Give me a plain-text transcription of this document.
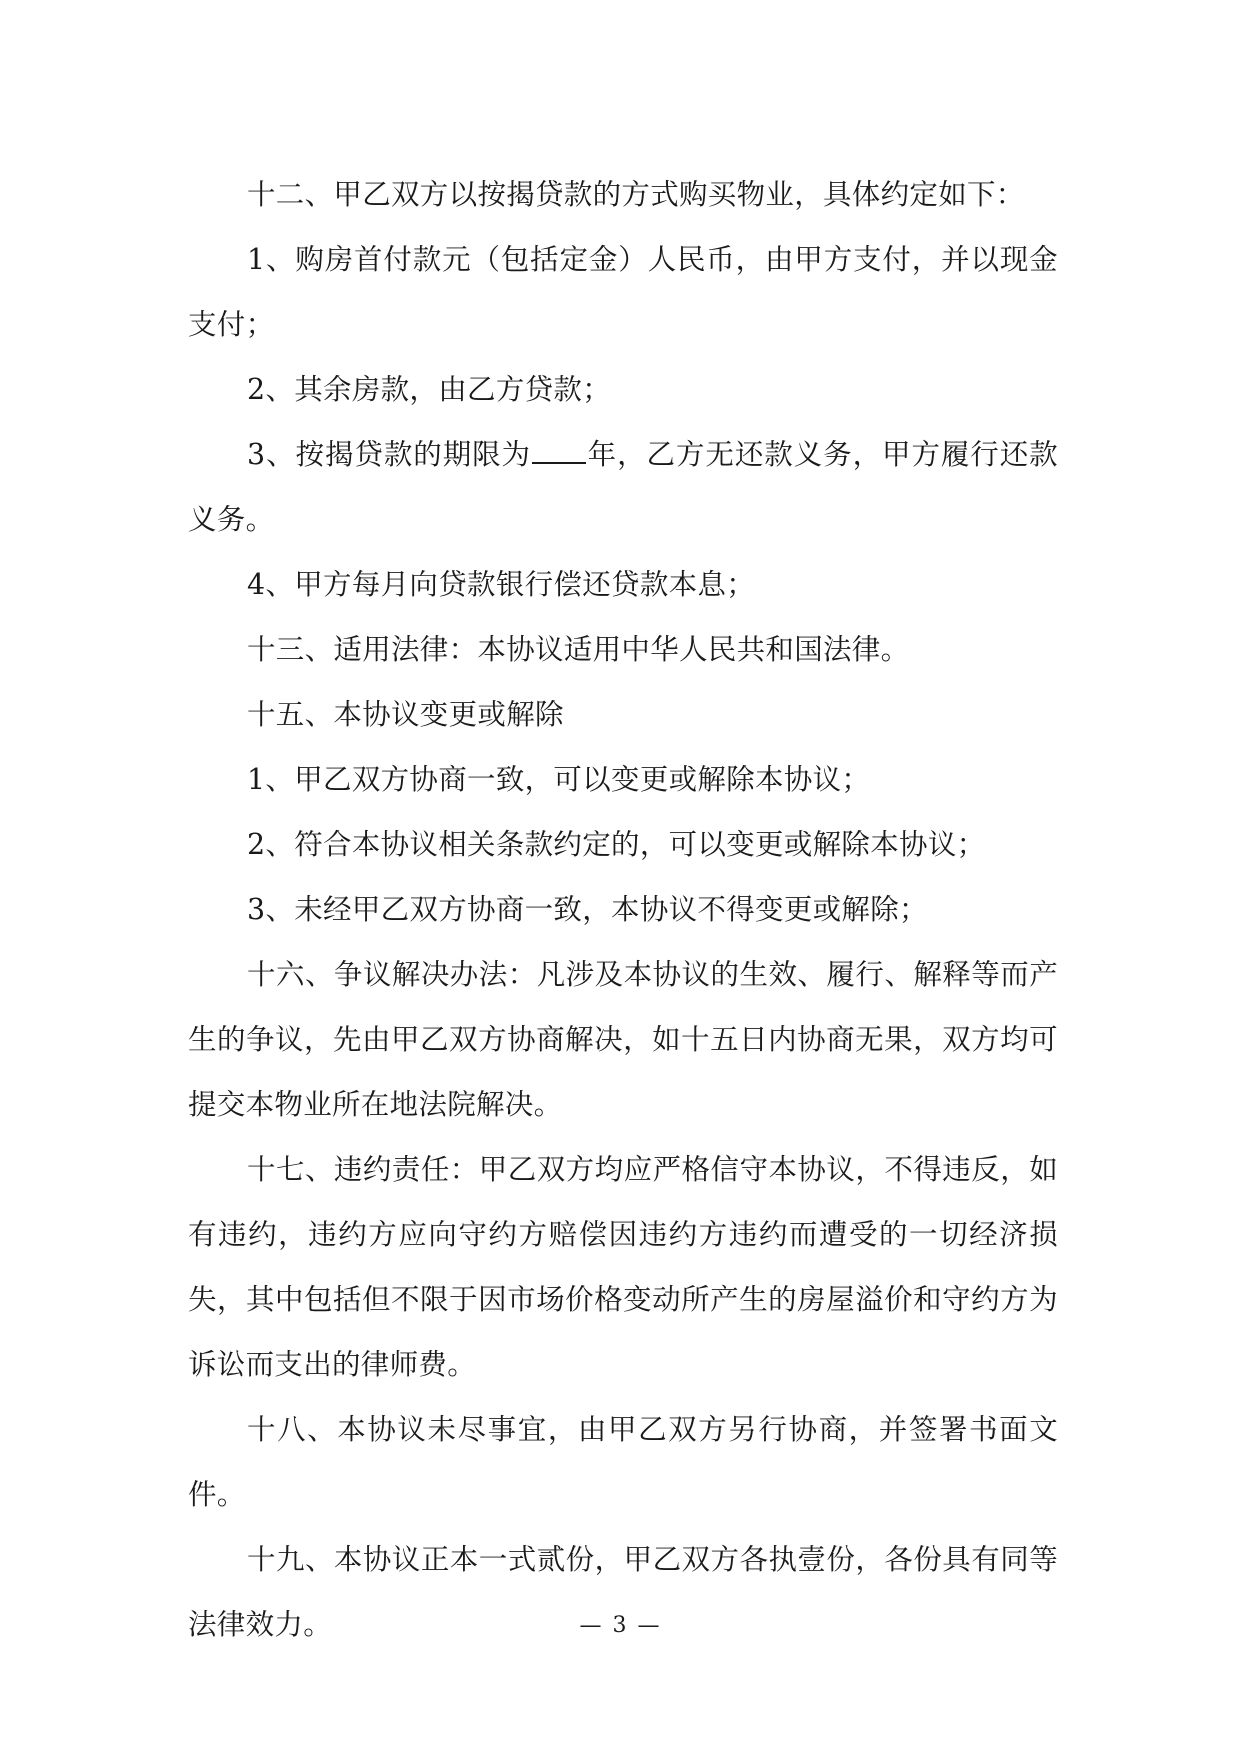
十二、甲乙双方以按揭贷款的方式购买物业，具体约定如下：

1、购房首付款元（包括定金）人民币，由甲方支付，并以现金支付；

2、其余房款，由乙方贷款；

3、按揭贷款的期限为 年，乙方无还款义务，甲方履行还款义务。

4、甲方每月向贷款银行偿还贷款本息；

十三、适用法律：本协议适用中华人民共和国法律。

十五、本协议变更或解除

1、甲乙双方协商一致，可以变更或解除本协议；

2、符合本协议相关条款约定的，可以变更或解除本协议；

3、未经甲乙双方协商一致，本协议不得变更或解除；

十六、争议解决办法：凡涉及本协议的生效、履行、解释等而产生的争议，先由甲乙双方协商解决，如十五日内协商无果，双方均可提交本物业所在地法院解决。

十七、违约责任：甲乙双方均应严格信守本协议，不得违反，如有违约，违约方应向守约方赔偿因违约方违约而遭受的一切经济损失，其中包括但不限于因市场价格变动所产生的房屋溢价和守约方为诉讼而支出的律师费。

十八、本协议未尽事宜，由甲乙双方另行协商，并签署书面文件。

十九、本协议正本一式贰份，甲乙双方各执壹份，各份具有同等法律效力。	— 3 —
